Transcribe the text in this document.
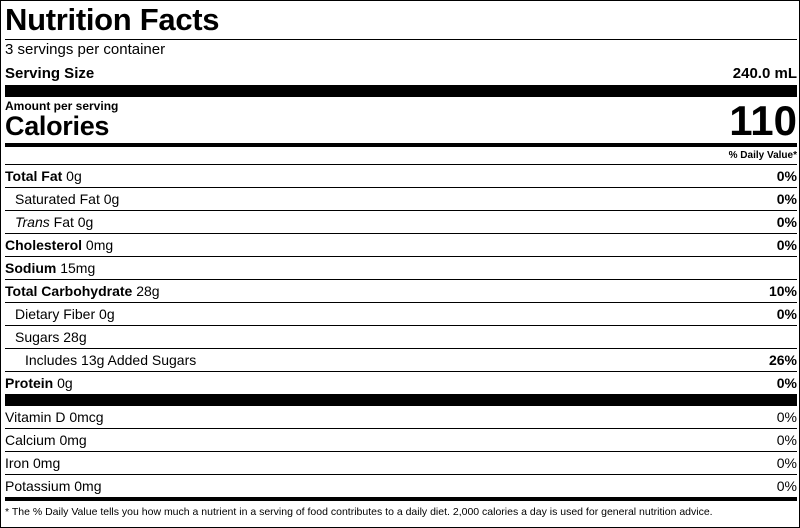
Nutrition Facts
3 servings per container
Serving Size	240.0 mL
Amount per serving
Calories	110
% Daily Value*
Total Fat 0g	0%
Saturated Fat 0g	0%
Trans Fat 0g	0%
Cholesterol 0mg	0%
Sodium 15mg
Total Carbohydrate 28g	10%
Dietary Fiber 0g	0%
Sugars 28g
Includes 13g Added Sugars	26%
Protein 0g	0%
Vitamin D 0mcg	0%
Calcium 0mg	0%
Iron 0mg	0%
Potassium 0mg	0%
* The % Daily Value tells you how much a nutrient in a serving of food contributes to a daily diet. 2,000 calories a day is used for general nutrition advice.
